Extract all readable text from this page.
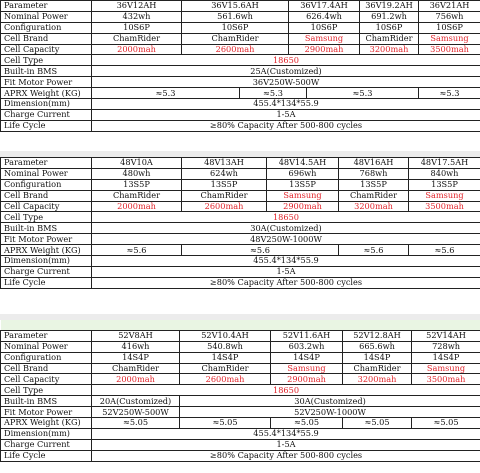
Parameter	36V12AH	36V15.6AH		36V17.4AH		36V19.2AH	36V21AH
Nominal Power	432wh	561.6wh		626.4wh		691.2wh	756wh
Configuration	10S6P	10S6P		10S6P		10S6P	10S6P
Cell Brand	ChamRider	ChamRider		Samsung		ChamRider	Samsung
Cell Capacity	2000mah	2600mah		2900mah		3200mah	3500mah
Cell Type	18650						
Built-in BMS	25A(Customized)						
Fit Motor Power	36V250W-500W						
APRX Weight (KG)	≈5.3		≈5.3		≈5.3		≈5.3
Dimension(mm)	455.4*134*55.9						
Charge Current	1-5A						
Life Cycle	≥80% Capacity After 500-800 cycles						
Parameter	48V10A	48V13AH	48V14.5AH	48V16AH	48V17.5AH
Nominal Power	480wh	624wh	696wh	768wh	840wh
Configuration	13S5P	13S5P	13S5P	13S5P	13S5P
Cell Brand	ChamRider	ChamRider	Samsung	ChamRider	Samsung
Cell Capacity	2000mah	2600mah	2900mah	3200mah	3500mah
Cell Type	18650				
Built-in BMS	30A(Customized)				
Fit Motor Power	48V250W-1000W				
APRX Weight (KG)	≈5.6	≈5.6		≈5.6	≈5.6
Dimension(mm)	455.4*134*55.9				
Charge Current	1-5A				
Life Cycle	≥80% Capacity After 500-800 cycles				

Parameter	52V8AH	52V10.4AH	52V11.6AH	52V12.8AH	52V14AH
Nominal Power	416wh	540.8wh	603.2wh	665.6wh	728wh
Configuration	14S4P	14S4P	14S4P	14S4P	14S4P
Cell Brand	ChamRider	ChamRider	Samsung	ChamRider	Samsung
Cell Capacity	2000mah	2600mah	2900mah	3200mah	3500mah
Cell Type	18650				
Built-in BMS	20A(Customized)	30A(Customized)			
Fit Motor Power	52V250W-500W	52V250W-1000W			
APRX Weight (KG)	≈5.05	≈5.05	≈5.05	≈5.05	≈5.05
Dimension(mm)	455.4*134*55.9				
Charge Current	1-5A				
Life Cycle	≥80% Capacity After 500-800 cycles				
